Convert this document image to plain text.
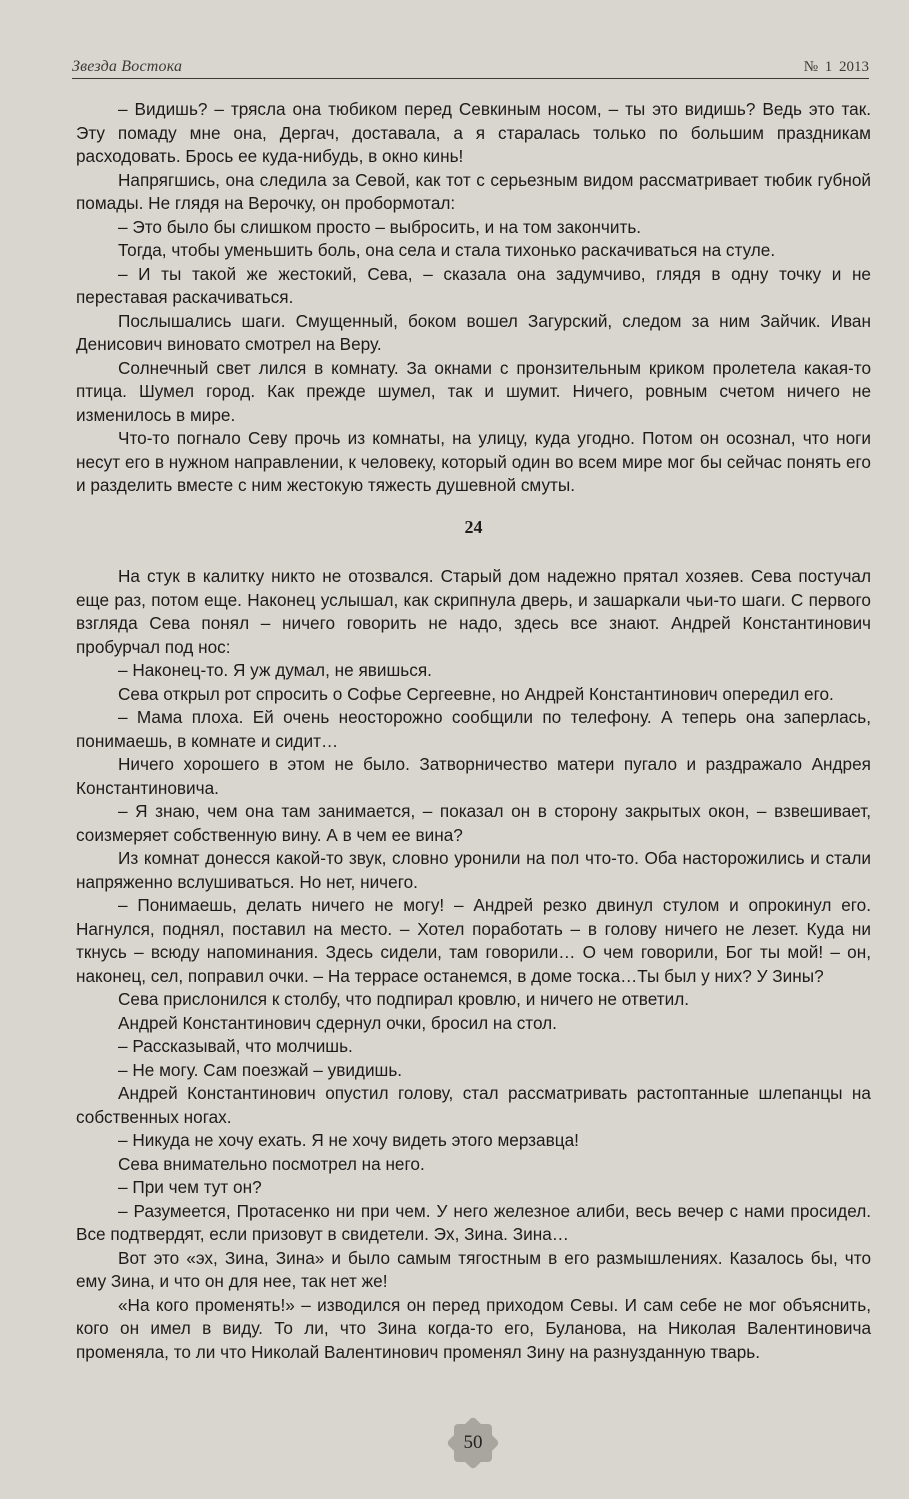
Звезда Востока	№ 1 2013

– Видишь? – трясла она тюбиком перед Севкиным носом, – ты это видишь? Ведь это так. Эту помаду мне она, Дергач, доставала, а я старалась только по большим праздникам расходовать. Брось ее куда-нибудь, в окно кинь!

Напрягшись, она следила за Севой, как тот с серьезным видом рассматривает тюбик губной помады. Не глядя на Верочку, он пробормотал:

– Это было бы слишком просто – выбросить, и на том закончить.

Тогда, чтобы уменьшить боль, она села и стала тихонько раскачиваться на стуле.

– И ты такой же жестокий, Сева, – сказала она задумчиво, глядя в одну точку и не переставая раскачиваться.

Послышались шаги. Смущенный, боком вошел Загурский, следом за ним Зайчик. Иван Денисович виновато смотрел на Веру.

Солнечный свет лился в комнату. За окнами с пронзительным криком пролетела какая-то птица. Шумел город. Как прежде шумел, так и шумит. Ничего, ровным счетом ничего не изменилось в мире.

Что-то погнало Севу прочь из комнаты, на улицу, куда угодно. Потом он осознал, что ноги несут его в нужном направлении, к человеку, который один во всем мире мог бы сейчас понять его и разделить вместе с ним жестокую тяжесть душевной смуты.

24

На стук в калитку никто не отозвался. Старый дом надежно прятал хозяев. Сева постучал еще раз, потом еще. Наконец услышал, как скрипнула дверь, и зашаркали чьи-то шаги. С первого взгляда Сева понял – ничего говорить не надо, здесь все знают. Андрей Константинович пробурчал под нос:

– Наконец-то. Я уж думал, не явишься.

Сева открыл рот спросить о Софье Сергеевне, но Андрей Константинович опередил его.

– Мама плоха. Ей очень неосторожно сообщили по телефону. А теперь она заперлась, понимаешь, в комнате и сидит…

Ничего хорошего в этом не было. Затворничество матери пугало и раздражало Андрея Константиновича.

– Я знаю, чем она там занимается, – показал он в сторону закрытых окон, – взвешивает, соизмеряет собственную вину. А в чем ее вина?

Из комнат донесся какой-то звук, словно уронили на пол что-то. Оба насторожились и стали напряженно вслушиваться. Но нет, ничего.

– Понимаешь, делать ничего не могу! – Андрей резко двинул стулом и опрокинул его. Нагнулся, поднял, поставил на место. – Хотел поработать – в голову ничего не лезет. Куда ни ткнусь – всюду напоминания. Здесь сидели, там говорили… О чем говорили, Бог ты мой! – он, наконец, сел, поправил очки. – На террасе останемся, в доме тоска…Ты был у них? У Зины?

Сева прислонился к столбу, что подпирал кровлю, и ничего не ответил.

Андрей Константинович сдернул очки, бросил на стол.

– Рассказывай, что молчишь.

– Не могу. Сам поезжай – увидишь.

Андрей Константинович опустил голову, стал рассматривать растоптанные шлепанцы на собственных ногах.

– Никуда не хочу ехать. Я не хочу видеть этого мерзавца!

Сева внимательно посмотрел на него.

– При чем тут он?

– Разумеется, Протасенко ни при чем. У него железное алиби, весь вечер с нами просидел. Все подтвердят, если призовут в свидетели. Эх, Зина. Зина…

Вот это «эх, Зина, Зина» и было самым тягостным в его размышлениях. Казалось бы, что ему Зина, и что он для нее, так нет же!

«На кого променять!» – изводился он перед приходом Севы. И сам себе не мог объяснить, кого он имел в виду. То ли, что Зина когда-то его, Буланова, на Николая Валентиновича променяла, то ли что Николай Валентинович променял Зину на разнузданную тварь.

50
